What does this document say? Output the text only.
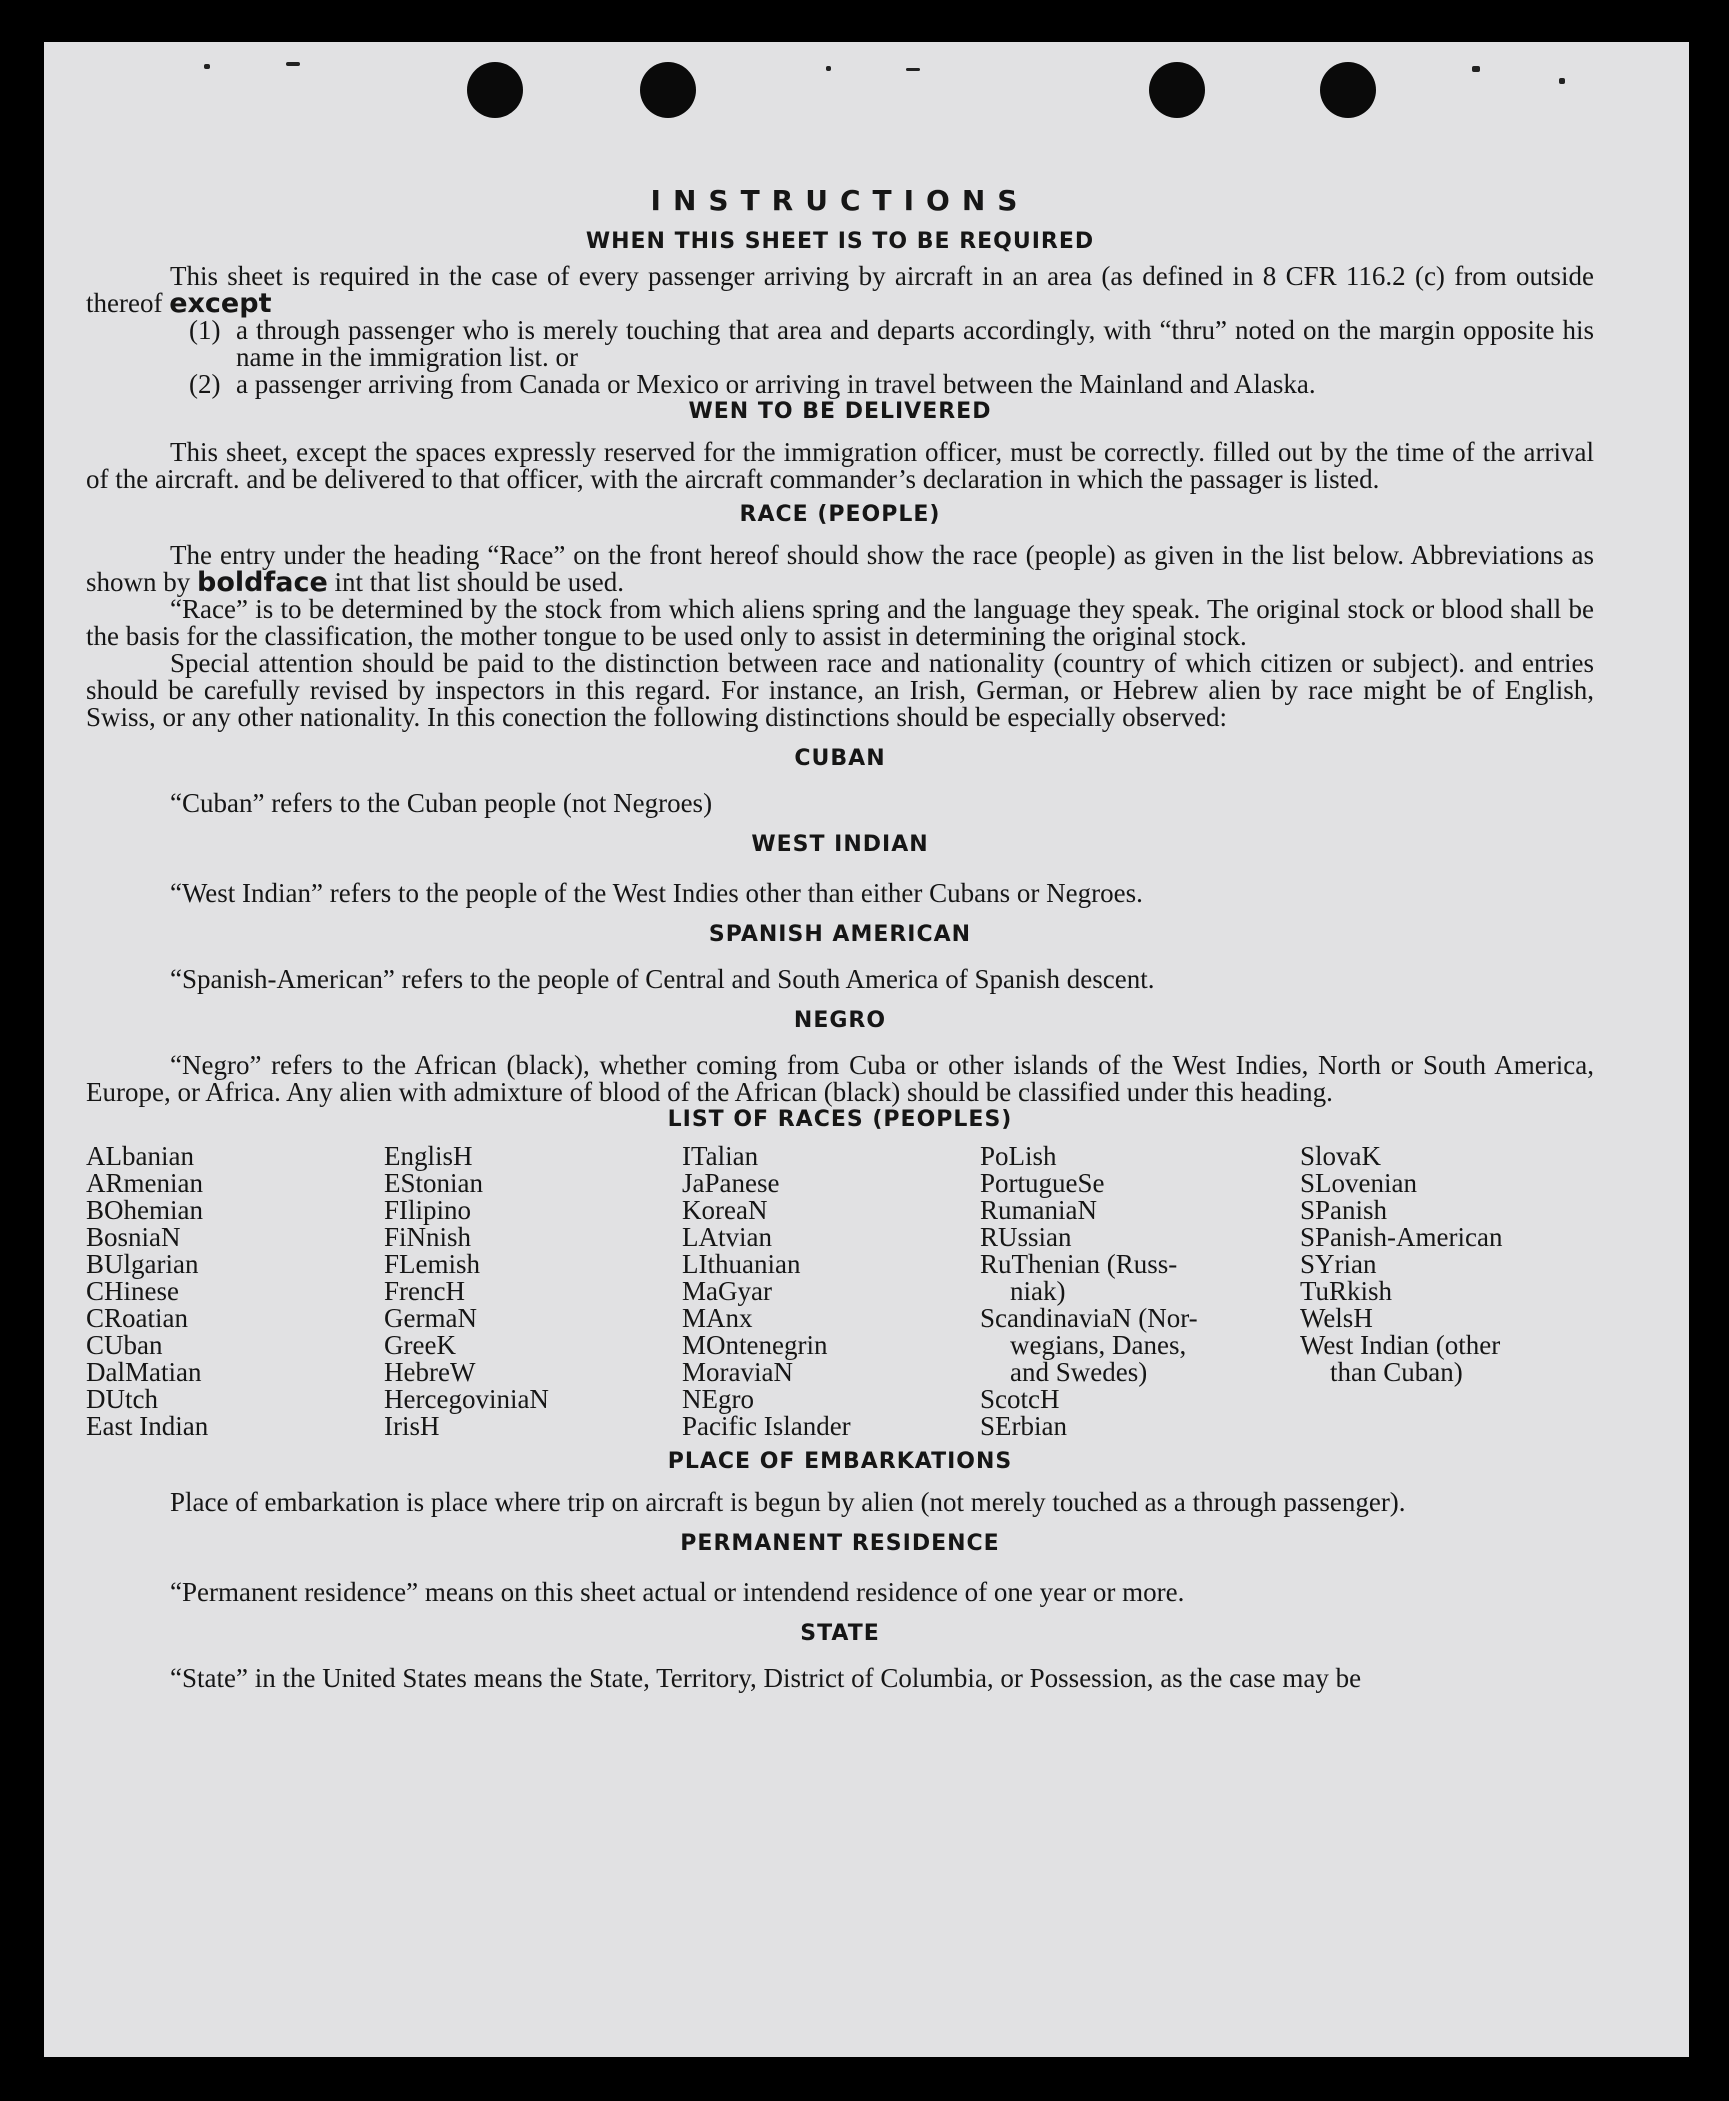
INSTRUCTIONS
WHEN THIS SHEET IS TO BE REQUIRED

This sheet is required in the case of every passenger arriving by aircraft in an area (as defined in 8 CFR 116.2 (c) from outside thereof except

(1) a through passenger who is merely touching that area and departs accordingly, with “thru” noted on the margin opposite his name in the immigration list. or
(2) a passenger arriving from Canada or Mexico or arriving in travel between the Mainland and Alaska.
WEN TO BE DELIVERED

This sheet, except the spaces expressly reserved for the immigration officer, must be correctly. filled out by the time of the arrival of the aircraft. and be delivered to that officer, with the aircraft commander’s declaration in which the passager is listed.

RACE (PEOPLE)

The entry under the heading “Race” on the front hereof should show the race (people) as given in the list below. Abbreviations as shown by boldface int that list should be used.

“Race” is to be determined by the stock from which aliens spring and the language they speak. The original stock or blood shall be the basis for the classification, the mother tongue to be used only to assist in determining the original stock.

Special attention should be paid to the distinction between race and nationality (country of which citizen or subject). and entries should be carefully revised by inspectors in this regard. For instance, an Irish, German, or Hebrew alien by race might be of English, Swiss, or any other nationality. In this conection the following distinctions should be especially observed:

CUBAN

“Cuban” refers to the Cuban people (not Negroes)

WEST INDIAN

“West Indian” refers to the people of the West Indies other than either Cubans or Negroes.

SPANISH AMERICAN

“Spanish-American” refers to the people of Central and South America of Spanish descent.

NEGRO

“Negro” refers to the African (black), whether coming from Cuba or other islands of the West Indies, North or South America, Europe, or Africa. Any alien with admixture of blood of the African (black) should be classified under this heading.

LIST OF RACES (PEOPLES)
ALbanian
ARmenian
BOhemian
BosniaN
BUlgarian
CHinese
CRoatian
CUban
DalMatian
DUtch
East Indian
EnglisH
EStonian
FIlipino
FiNnish
FLemish
FrencH
GermaN
GreeK
HebreW
HercegoviniaN
IrisH
ITalian
JaPanese
KoreaN
LAtvian
LIthuanian
MaGyar
MAnx
MOntenegrin
MoraviaN
NEgro
Pacific Islander
PoLish
PortugueSe
RumaniaN
RUssian
RuThenian (Russ-
niak)
ScandinaviaN (Nor-
wegians, Danes,
and Swedes)
ScotcH
SErbian
SlovaK
SLovenian
SPanish
SPanish-American
SYrian
TuRkish
WelsH
West Indian (other
than Cuban)
PLACE OF EMBARKATIONS

Place of embarkation is place where trip on aircraft is begun by alien (not merely touched as a through passenger).

PERMANENT RESIDENCE

“Permanent residence” means on this sheet actual or intendend residence of one year or more.

STATE

“State” in the United States means the State, Territory, District of Columbia, or Possession, as the case may be
